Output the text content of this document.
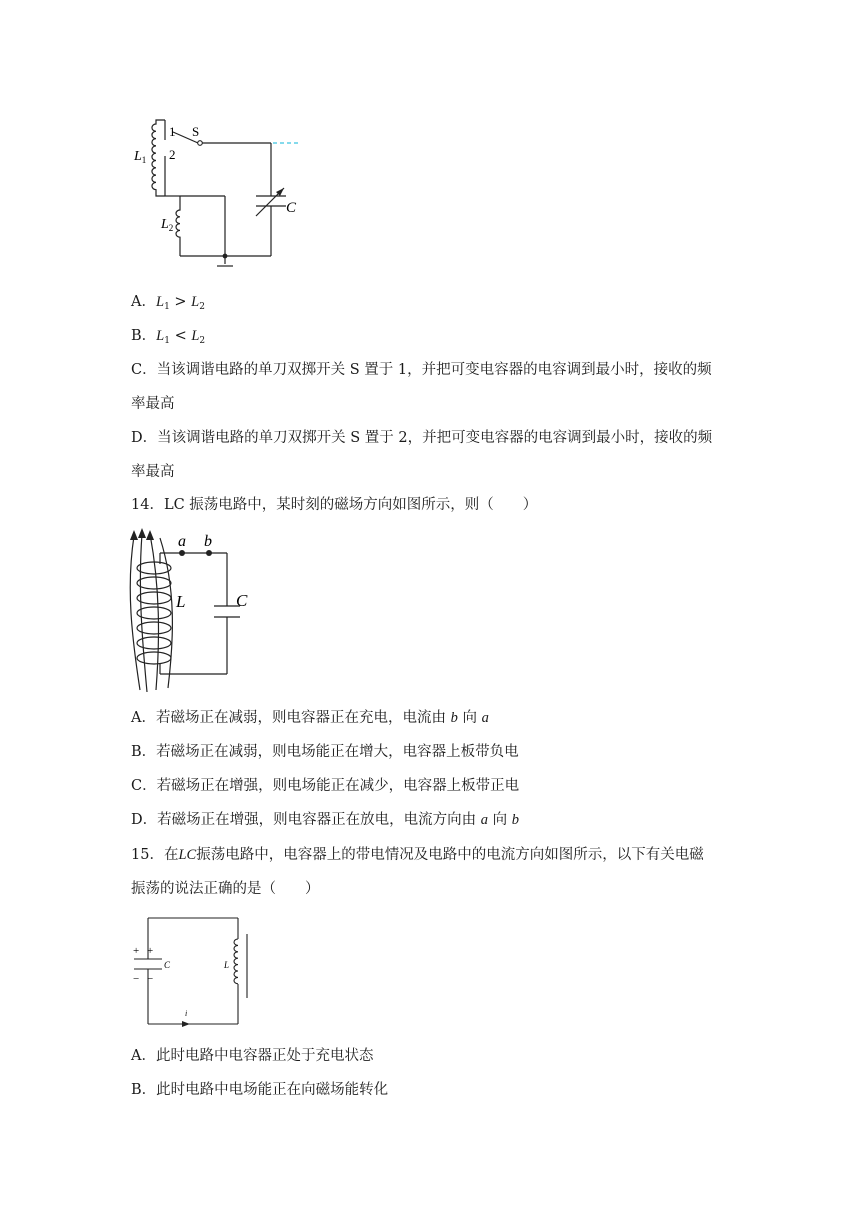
1
2
S
$L_1$
$L_2$
C
A．$L_1 > L_2$
B．$L_1 < L_2$
C．当该调谐电路的单刀双掷开关 S 置于 1，并把可变电容器的电容调到最小时，接收的频
率最高
D．当该调谐电路的单刀双掷开关 S 置于 2，并把可变电容器的电容调到最小时，接收的频
率最高
14．LC 振荡电路中，某时刻的磁场方向如图所示，则（　　）
a b
L	C
A．若磁场正在减弱，则电容器正在充电，电流由 b 向 a
B．若磁场正在减弱，则电场能正在增大，电容器上板带负电
C．若磁场正在增强，则电场能正在减少，电容器上板带正电
D．若磁场正在增强，则电容器正在放电，电流方向由 a 向 b
15．在LC振荡电路中，电容器上的带电情况及电路中的电流方向如图所示，以下有关电磁
振荡的说法正确的是（　　）
+ +
− −
C	L
i
A．此时电路中电容器正处于充电状态
B．此时电路中电场能正在向磁场能转化
